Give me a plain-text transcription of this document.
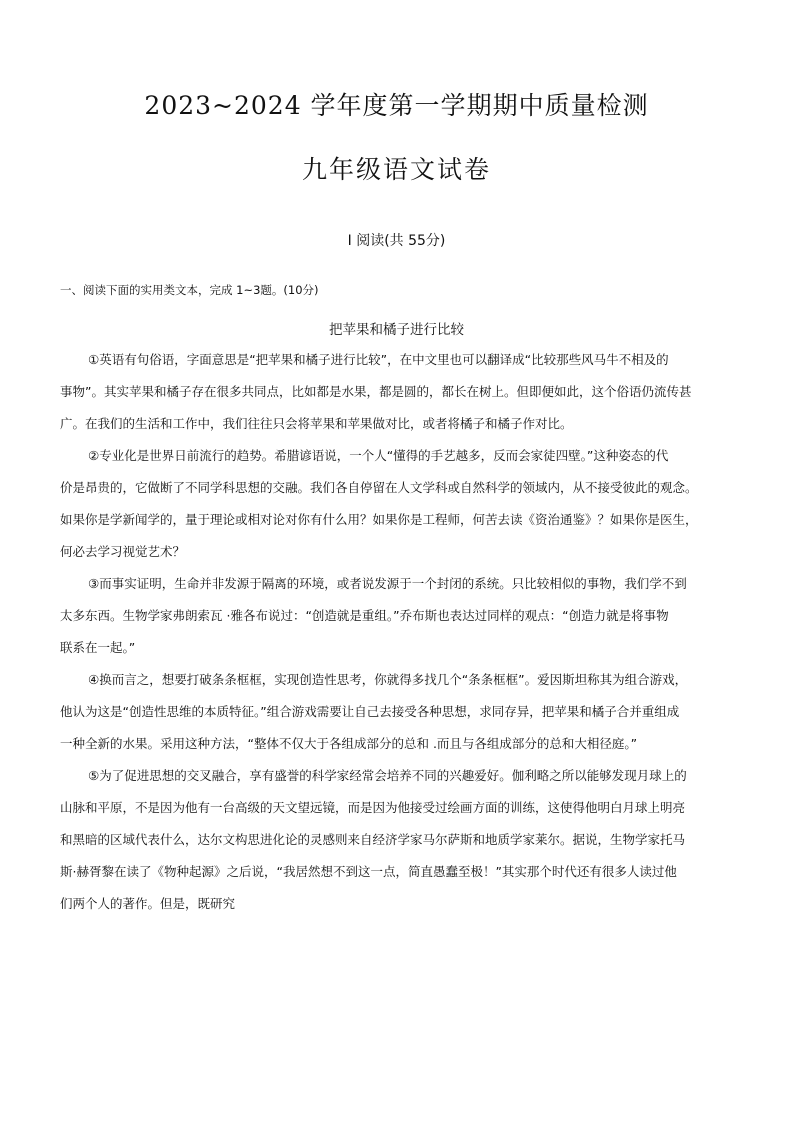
2023~2024 学年度第一学期期中质量检测
九年级语文试卷
Ⅰ 阅读(共 55分)
一、阅读下面的实用类文本，完成 1~3题。(10分)
把苹果和橘子进行比较
①英语有句俗语，字面意思是“把苹果和橘子进行比较”，在中文里也可以翻译成“比较那些风马牛不相及的
事物”。其实苹果和橘子存在很多共同点，比如都是水果，都是圆的，都长在树上。但即便如此，这个俗语仍流传甚
广。在我们的生活和工作中，我们往往只会将苹果和苹果做对比，或者将橘子和橘子作对比。
②专业化是世界日前流行的趋势。希腊谚语说，一个人“懂得的手艺越多，反而会家徒四壁。”这种姿态的代
价是昂贵的，它做断了不同学科思想的交融。我们各自停留在人文学科或自然科学的领域内，从不接受彼此的观念。
如果你是学新闻学的，量于理论或相对论对你有什么用？如果你是工程师，何苦去读《资治通鉴》？如果你是医生，
何必去学习视觉艺术？
③而事实证明，生命并非发源于隔离的环境，或者说发源于一个封闭的系统。只比较相似的事物，我们学不到
太多东西。生物学家弗朗索瓦 ·雅各布说过：“创造就是重组。”乔布斯也表达过同样的观点：“创造力就是将事物
联系在一起。”
④换而言之，想要打破条条框框，实现创造性思考，你就得多找几个“条条框框”。爱因斯坦称其为组合游戏，
他认为这是“创造性思维的本质特征。”组合游戏需要让自己去接受各种思想，求同存异，把苹果和橘子合并重组成
一种全新的水果。采用这种方法，“整体不仅大于各组成部分的总和 .而且与各组成部分的总和大相径庭。”
⑤为了促进思想的交叉融合，享有盛誉的科学家经常会培养不同的兴趣爱好。伽利略之所以能够发现月球上的
山脉和平原，不是因为他有一台高级的天文望远镜，而是因为他接受过绘画方面的训练，这使得他明白月球上明亮
和黑暗的区域代表什么，达尔文构思进化论的灵感则来自经济学家马尔萨斯和地质学家莱尔。据说，生物学家托马
斯·赫胥黎在读了《物种起源》之后说，“我居然想不到这一点，简直愚蠢至极！”其实那个时代还有很多人读过他
们两个人的著作。但是，既研究
